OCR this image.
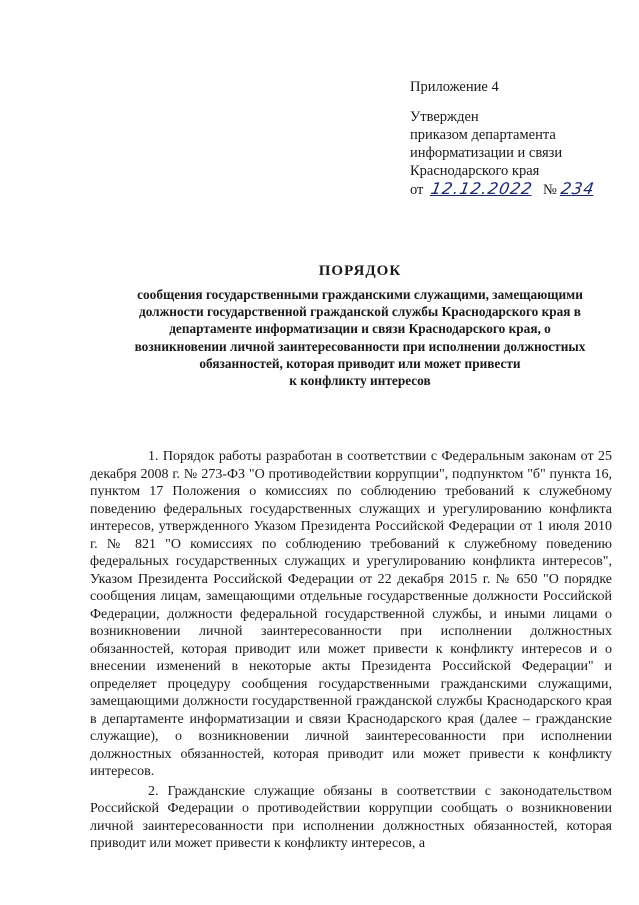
Приложение 4
Утвержден
приказом департамента
информатизации и связи
Краснодарского края
от 12.12.2022 № 234
ПОРЯДОК
сообщения государственными гражданскими служащими, замещающими
должности государственной гражданской службы Краснодарского края в
департаменте информатизации и связи Краснодарского края, о
возникновении личной заинтересованности при исполнении должностных
обязанностей, которая приводит или может привести
к конфликту интересов

1. Порядок работы разработан в соответствии с Федеральным законам от 25 декабря 2008 г. № 273-ФЗ "О противодействии коррупции", подпунктом "б" пункта 16, пунктом 17 Положения о комиссиях по соблюдению требований к служебному поведению федеральных государственных служащих и урегулированию конфликта интересов, утвержденного Указом Президента Российской Федерации от 1 июля 2010 г. № 821 "О комиссиях по соблюдению требований к служебному поведению федеральных государственных служащих и урегулированию конфликта интересов", Указом Президента Российской Федерации от 22 декабря 2015 г. № 650 "О порядке сообщения лицам, замещающими отдельные государственные должности Российской Федерации, должности федеральной государственной службы, и иными лицами о возникновении личной заинтересованности при исполнении должностных обязанностей, которая приводит или может привести к конфликту интересов и о внесении изменений в некоторые акты Президента Российской Федерации" и определяет процедуру сообщения государственными гражданскими служащими, замещающими должности государственной гражданской службы Краснодарского края в департаменте информатизации и связи Краснодарского края (далее – гражданские служащие), о возникновении личной заинтересованности при исполнении должностных обязанностей, которая приводит или может привести к конфликту интересов.

2. Гражданские служащие обязаны в соответствии с законодательством Российской Федерации о противодействии коррупции сообщать о возникновении личной заинтересованности при исполнении должностных обязанностей, которая приводит или может привести к конфликту интересов, а
